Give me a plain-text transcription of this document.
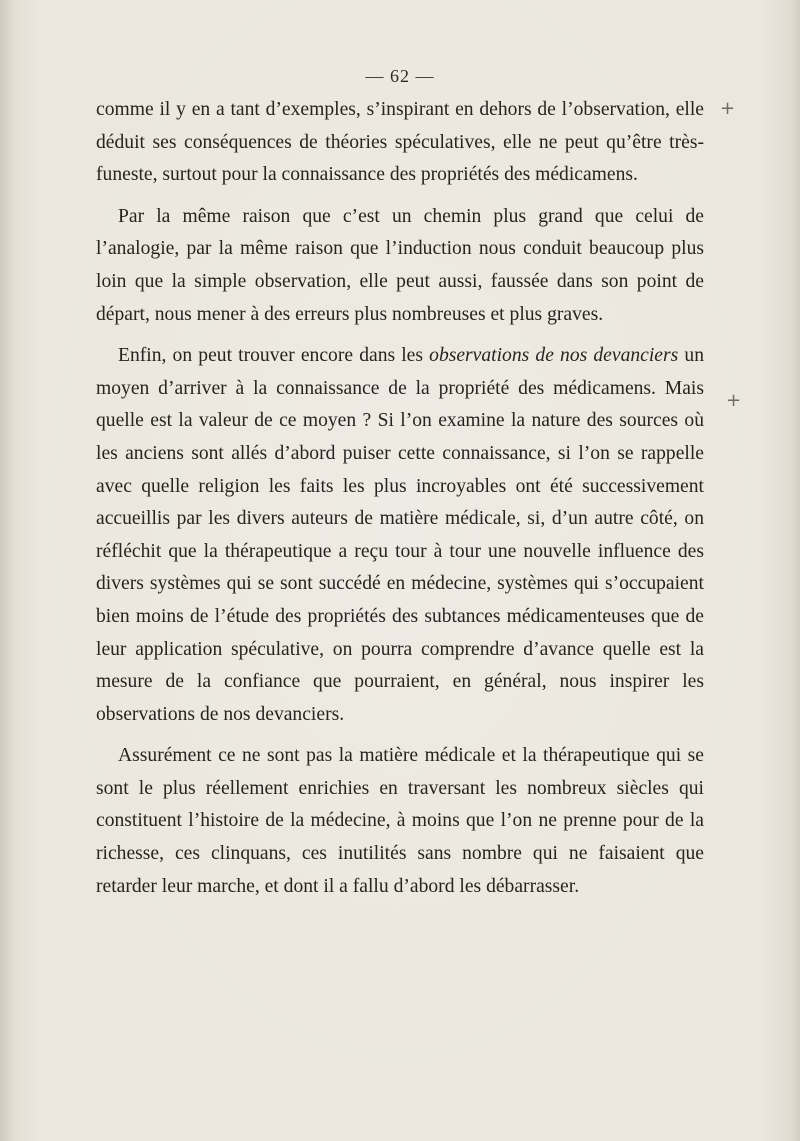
— 62 —
+
+

comme il y en a tant d’exemples, s’inspirant en dehors de l’observation, elle déduit ses conséquences de théories spéculatives, elle ne peut qu’être très-funeste, surtout pour la connaissance des propriétés des médicamens.

Par la même raison que c’est un chemin plus grand que celui de l’analogie, par la même raison que l’induction nous conduit beaucoup plus loin que la simple observation, elle peut aussi, faussée dans son point de départ, nous mener à des erreurs plus nombreuses et plus graves.

Enfin, on peut trouver encore dans les observations de nos devanciers un moyen d’arriver à la connaissance de la propriété des médicamens. Mais quelle est la valeur de ce moyen ? Si l’on examine la nature des sources où les anciens sont allés d’abord puiser cette connaissance, si l’on se rappelle avec quelle religion les faits les plus incroyables ont été successivement accueillis par les divers auteurs de matière médicale, si, d’un autre côté, on réfléchit que la thérapeutique a reçu tour à tour une nouvelle influence des divers systèmes qui se sont succédé en médecine, systèmes qui s’occupaient bien moins de l’étude des propriétés des subtances médicamenteuses que de leur application spéculative, on pourra comprendre d’avance quelle est la mesure de la confiance que pourraient, en général, nous inspirer les observations de nos devanciers.

Assurément ce ne sont pas la matière médicale et la thérapeutique qui se sont le plus réellement enrichies en traversant les nombreux siècles qui constituent l’histoire de la médecine, à moins que l’on ne prenne pour de la richesse, ces clinquans, ces inutilités sans nombre qui ne faisaient que retarder leur marche, et dont il a fallu d’abord les débarrasser.
